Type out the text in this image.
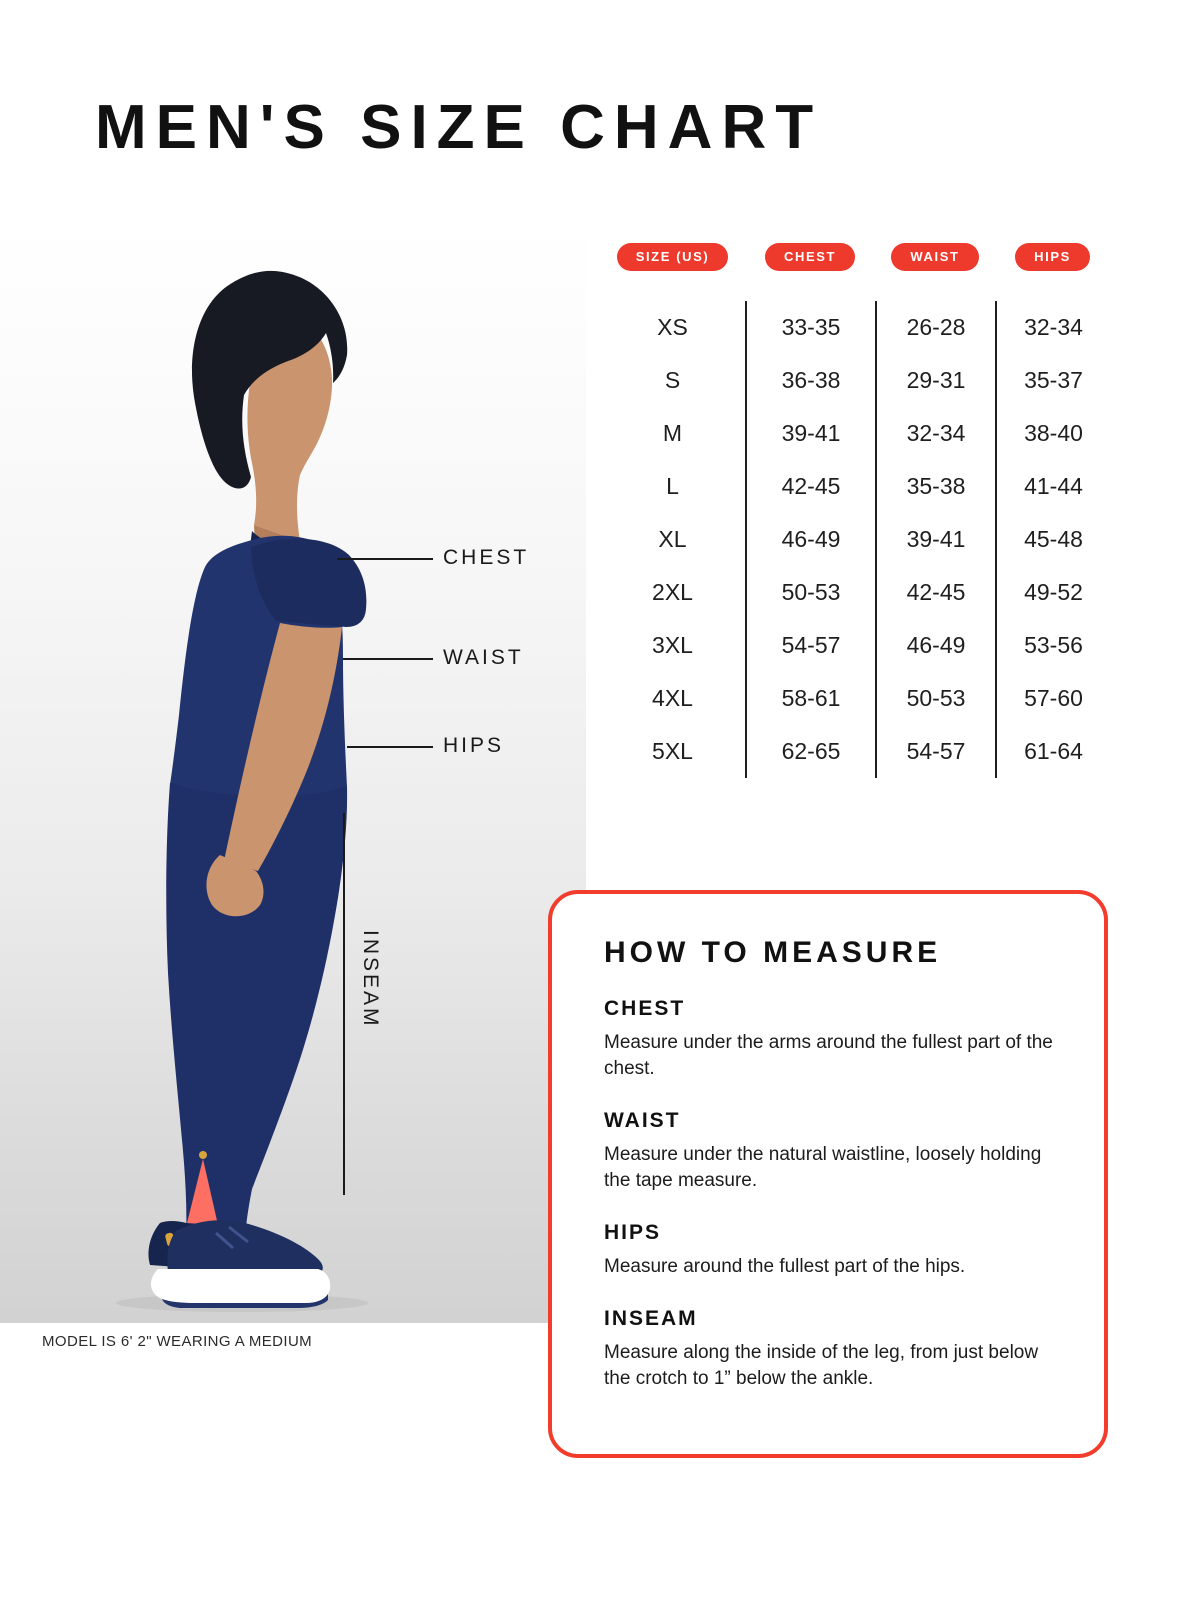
MEN'S SIZE CHART
CHEST
WAIST
HIPS
INSEAM
MODEL IS 6' 2" WEARING A MEDIUM
SIZE (US)	CHEST	WAIST	HIPS
XS	33-35	26-28	32-34
S	36-38	29-31	35-37
M	39-41	32-34	38-40
L	42-45	35-38	41-44
XL	46-49	39-41	45-48
2XL	50-53	42-45	49-52
3XL	54-57	46-49	53-56
4XL	58-61	50-53	57-60
5XL	62-65	54-57	61-64
HOW TO MEASURE
CHEST
Measure under the arms around the fullest part of the chest.
WAIST
Measure under the natural waistline, loosely holding the tape measure.
HIPS
Measure around the fullest part of the hips.
INSEAM
Measure along the inside of the leg, from just below the crotch to 1” below the ankle.
